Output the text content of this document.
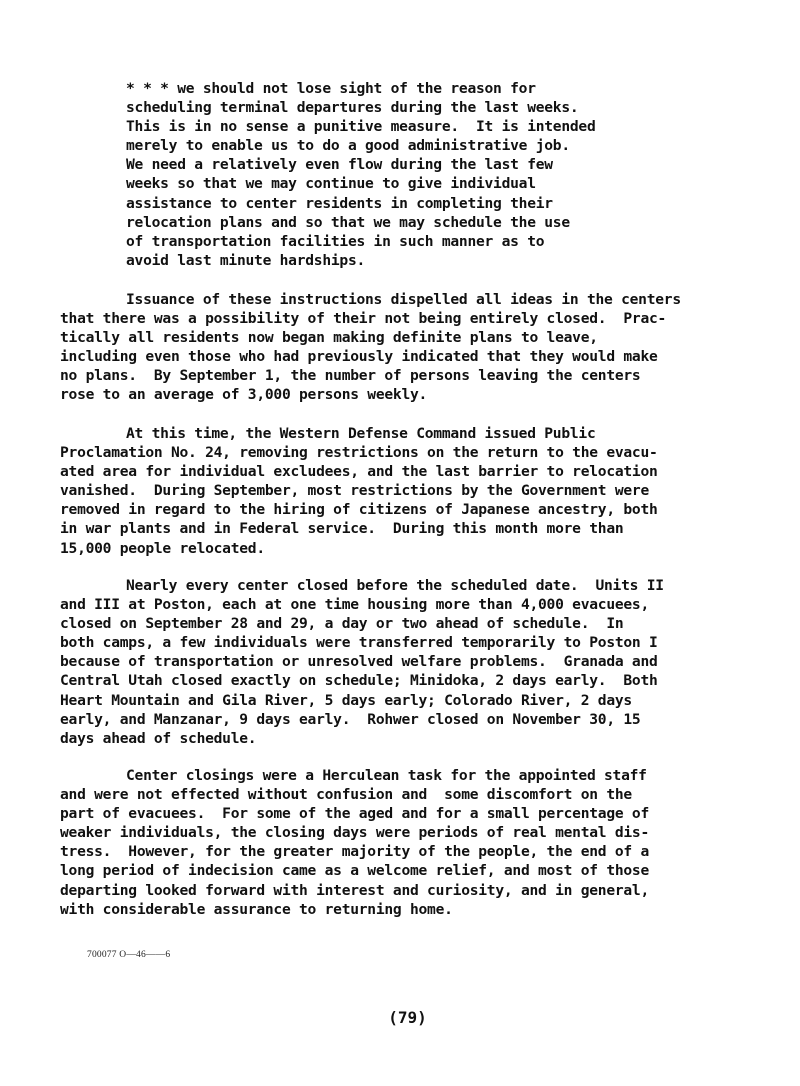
* * * we should not lose sight of the reason for
scheduling terminal departures during the last weeks.
This is in no sense a punitive measure.  It is intended
merely to enable us to do a good administrative job.
We need a relatively even flow during the last few
weeks so that we may continue to give individual
assistance to center residents in completing their
relocation plans and so that we may schedule the use
of transportation facilities in such manner as to
avoid last minute hardships.
Issuance of these instructions dispelled all ideas in the centers
that there was a possibility of their not being entirely closed.  Prac-
tically all residents now began making definite plans to leave,
including even those who had previously indicated that they would make
no plans.  By September 1, the number of persons leaving the centers
rose to an average of 3,000 persons weekly.
At this time, the Western Defense Command issued Public
Proclamation No. 24, removing restrictions on the return to the evacu-
ated area for individual excludees, and the last barrier to relocation
vanished.  During September, most restrictions by the Government were
removed in regard to the hiring of citizens of Japanese ancestry, both
in war plants and in Federal service.  During this month more than
15,000 people relocated.
Nearly every center closed before the scheduled date.  Units II
and III at Poston, each at one time housing more than 4,000 evacuees,
closed on September 28 and 29, a day or two ahead of schedule.  In
both camps, a few individuals were transferred temporarily to Poston I
because of transportation or unresolved welfare problems.  Granada and
Central Utah closed exactly on schedule; Minidoka, 2 days early.  Both
Heart Mountain and Gila River, 5 days early; Colorado River, 2 days
early, and Manzanar, 9 days early.  Rohwer closed on November 30, 15
days ahead of schedule.
Center closings were a Herculean task for the appointed staff
and were not effected without confusion and  some discomfort on the
part of evacuees.  For some of the aged and for a small percentage of
weaker individuals, the closing days were periods of real mental dis-
tress.  However, for the greater majority of the people, the end of a
long period of indecision came as a welcome relief, and most of those
departing looked forward with interest and curiosity, and in general,
with considerable assurance to returning home.
700077 O—46——6
(79)
